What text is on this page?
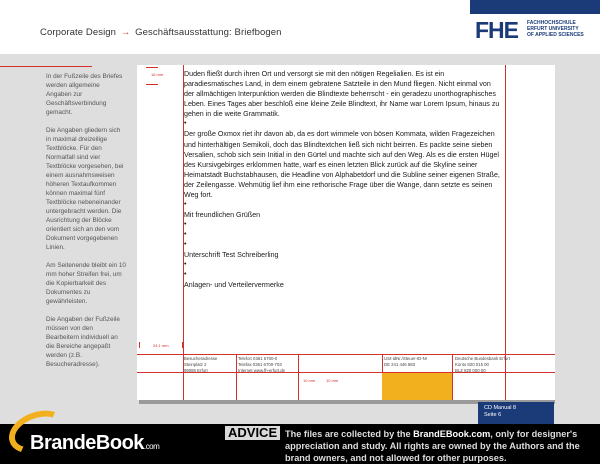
Corporate Design → Geschäftsausstattung: Briefbogen	FHE FACHHOCHSCHULE
ERFURT UNIVERSITY
OF APPLIED SCIENCES

In der Fußzeile des Briefes werden allgemeine Angaben zur Geschäftsverbindung gemacht.

Die Angaben gliedern sich in maximal dreizeilige Textblöcke. Für den Normalfall sind vier Textblöcke vorgesehen, bei einem ausnahmsweisen höheren Textaufkommen können maximal fünf Textblöcke nebeneinander untergebracht werden. Die Ausrichtung der Blöcke orientiert sich an den vom Dokument vorgegebenen Linien.

Am Seitenende bleibt ein 10 mm hoher Streifen frei, um die Kopierbarkeit des Dokumentes zu gewährleisten.

Die Angaben der Fußzeile müssen von den Bearbeitern individuell an die Bereiche angepaßt werden (z.B. Besucheradresse).

16 mm
24,1 mm
10 mm	10 mm
Duden fließt durch ihren Ort und versorgt sie mit den nötigen Regelialien. Es ist ein paradiesmatisches Land, in dem einem gebratene Satzteile in den Mund fliegen. Nicht einmal von der allmächtigen Interpunktion werden die Blindtexte beherrscht - ein geradezu unorthographisches Leben. Eines Tages aber beschloß eine kleine Zeile Blindtext, ihr Name war Lorem Ipsum, hinaus zu gehen in die weite Grammatik.
•
Der große Oxmox riet ihr davon ab, da es dort wimmele von bösen Kommata, wilden Fragezeichen und hinterhältigen Semikoli, doch das Blindtextchen ließ sich nicht beirren. Es packte seine sieben Versalien, schob sich sein Initial in den Gürtel und machte sich auf den Weg. Als es die ersten Hügel des Kursivgebirges erklommen hatte, warf es einen letzten Blick zurück auf die Skyline seiner Heimatstadt Buchstabhausen, die Headline von Alphabetdorf und die Subline seiner eigenen Straße, der Zeilengasse. Wehmütig lief ihm eine rethorische Frage über die Wange, dann setzte es seinen Weg fort.
•
Mit freundlichen Grüßen
•
•
•
Unterschrift Test Schreiberling
•
•
Anlagen- und Verteilervermerke
Besucheradresse
Steinplatz 2
99085 Erfurt
Telefon 0361 6700-0
Telefax 0361 6700-703
Internet www.fh-erfurt.de
USt-IdNr./Steuer-ID-Nr
DE 241 446 583
Deutsche Bundesbank Erfurt
Konto 820 015 00
BLZ 820 000 00
CD Manual 8
Seite 6
BrandeBook.com
ADVICE The files are collected by the BrandEBook.com, only for designer's appreciation and study. All rights are owned by the Authors and the brand owners, and not allowed for other purposes.
